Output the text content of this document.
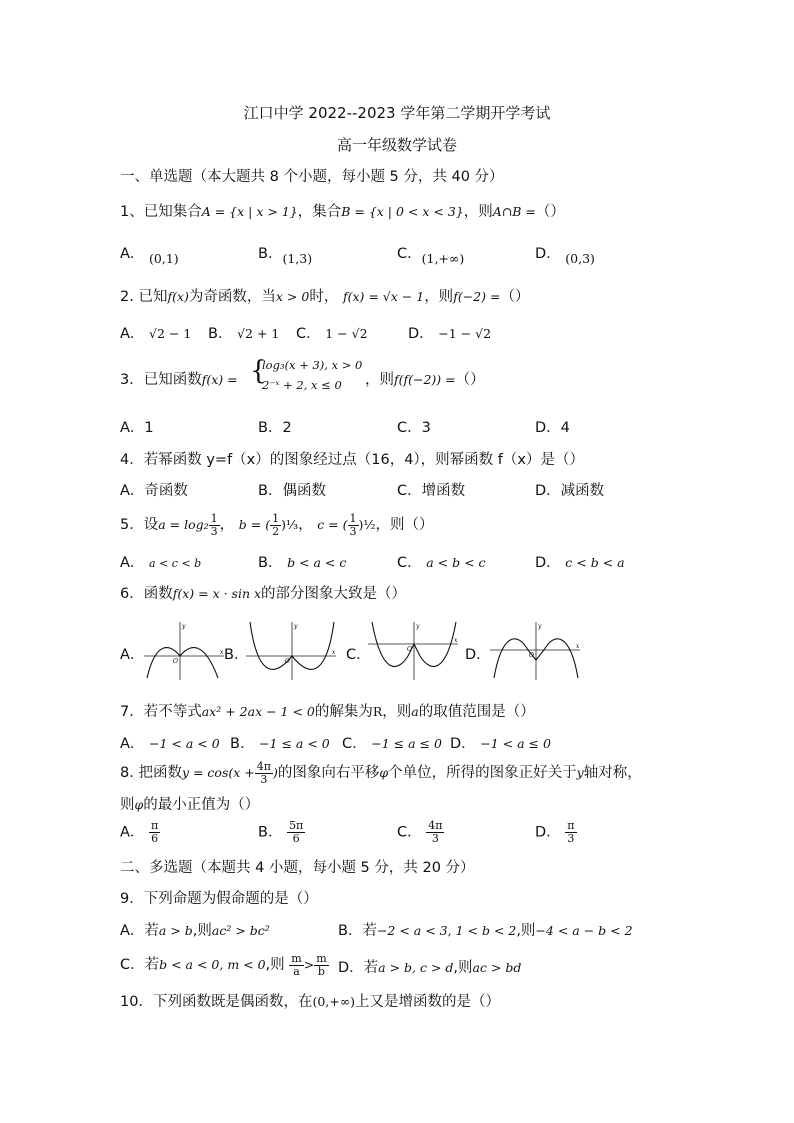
江口中学 2022--2023 学年第二学期开学考试
高一年级数学试卷
一、单选题（本大题共 8 个小题，每小题 5 分，共 40 分）
1、已知集合A = {x | x > 1}，集合B = {x | 0 < x < 3}，则A∩B =（）
A． (0,1)	B．(1,3)	C．(1,+∞)	D． (0,3)
2. 已知f(x)为奇函数，当x > 0时， f(x) = √x − 1，则f(−2) =（）
A． √2 − 1 B． √2 + 1 C． 1 − √2	D． −1 − √2
3．已知函数f(x) = {
log₃(x + 3), x > 0
2⁻ˣ + 2, x ≤ 0 ，则f(f(−2)) =（）
A．1	B．2	C．3	D．4
4．若幂函数 y=f（x）的图象经过点（16，4），则幂函数 f（x）是（）
A．奇函数	B．偶函数	C．增函数	D．减函数
5．设$a = \log_2 \frac{1}{3}$ ， b = ( $\frac{1}{2}$ )⅓， c = ( $\frac{1}{3}$ )½，则（）
A． a < c < b	B． b < a < c	C． a < b < c	D． c < b < a
6．函数f(x) = x · sin x的部分图象大致是（）
A．	B．	C．	D．
y
x
O
y
x
O
y
x
O
y
x
O
7．若不等式ax² + 2ax − 1 < 0的解集为R，则a的取值范围是（）
A． −1 < a < 0 B． −1 ≤ a < 0 C． −1 ≤ a ≤ 0 D． −1 < a ≤ 0
8. 把函数$y = \cos(x + \frac{4\pi}{3}$ )的图象向右平移φ个单位，所得的图象正好关于y轴对称，
则φ的最小正值为（）
A． $\frac{\pi}{6}$	B． $\frac{5\pi}{6}$	C． $\frac{4\pi}{3}$	D． $\frac{\pi}{3}$
二、多选题（本题共 4 小题，每小题 5 分，共 20 分）
9．下列命题为假命题的是（）
A．若a > b,则ac² > bc²	B．若−2 < a < 3, 1 < b < 2,则−4 < a − b < 2
C．若b < a < 0, m < 0,则 $\frac{m}{a} > \frac{m}{b}$ D．若a > b, c > d,则ac > bd
10．下列函数既是偶函数，在(0,+∞)上又是增函数的是（）
